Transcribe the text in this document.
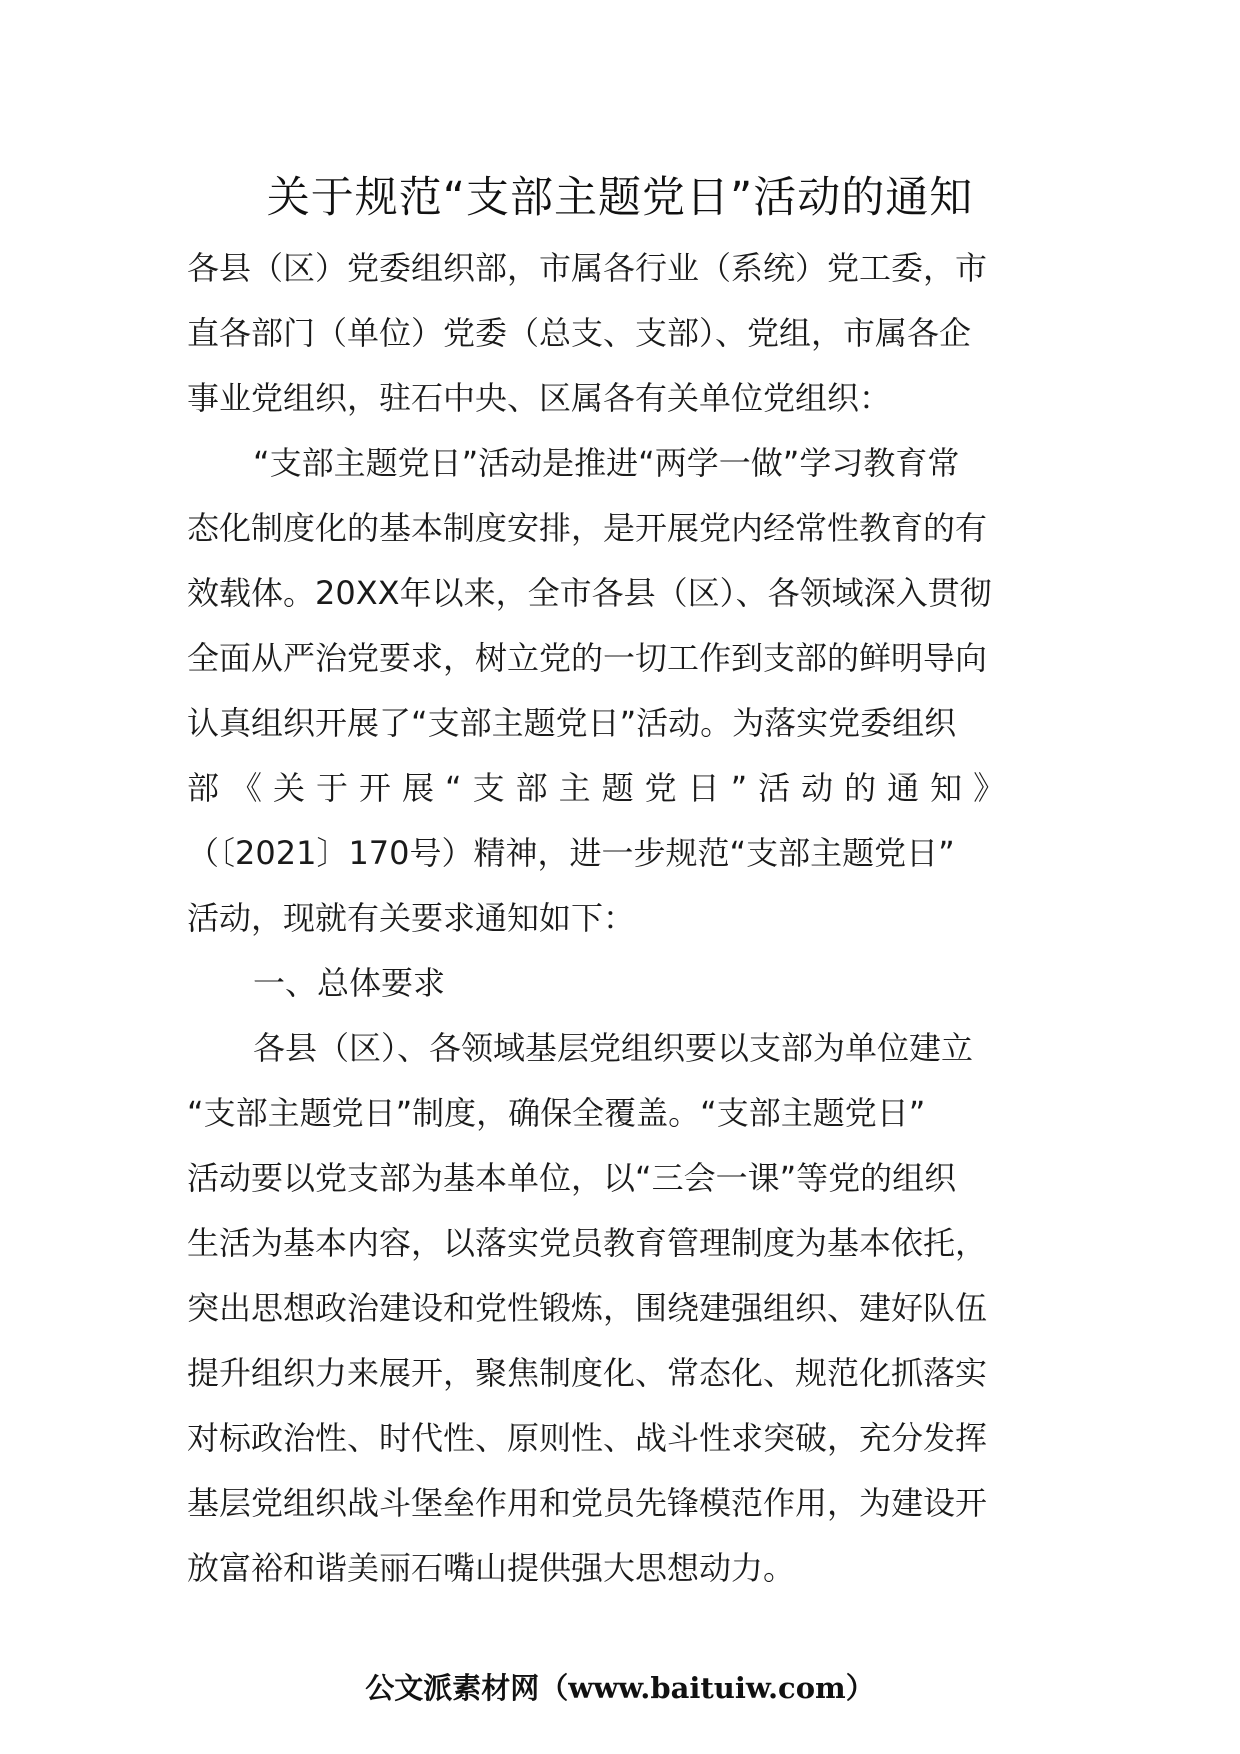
关于规范“支部主题党日”活动的通知
各县（区）党委组织部，市属各行业（系统）党工委，市
直各部门（单位）党委（总支、支部）、党组，市属各企
事业党组织，驻石中央、区属各有关单位党组织：
“支部主题党日”活动是推进“两学一做”学习教育常
态化制度化的基本制度安排，是开展党内经常性教育的有
效载体。20XX年以来，全市各县（区）、各领域深入贯彻
全面从严治党要求，树立党的一切工作到支部的鲜明导向
认真组织开展了“支部主题党日”活动。为落实党委组织
部《关于开展“支部主题党日”活动的通知》
（〔2021〕170号）精神，进一步规范“支部主题党日”
活动，现就有关要求通知如下：
一、总体要求
各县（区）、各领域基层党组织要以支部为单位建立
“支部主题党日”制度，确保全覆盖。“支部主题党日”
活动要以党支部为基本单位，以“三会一课”等党的组织
生活为基本内容，以落实党员教育管理制度为基本依托，
突出思想政治建设和党性锻炼，围绕建强组织、建好队伍
提升组织力来展开，聚焦制度化、常态化、规范化抓落实
对标政治性、时代性、原则性、战斗性求突破，充分发挥
基层党组织战斗堡垒作用和党员先锋模范作用，为建设开
放富裕和谐美丽石嘴山提供强大思想动力。
公文派素材网（www.baituiw.com）
